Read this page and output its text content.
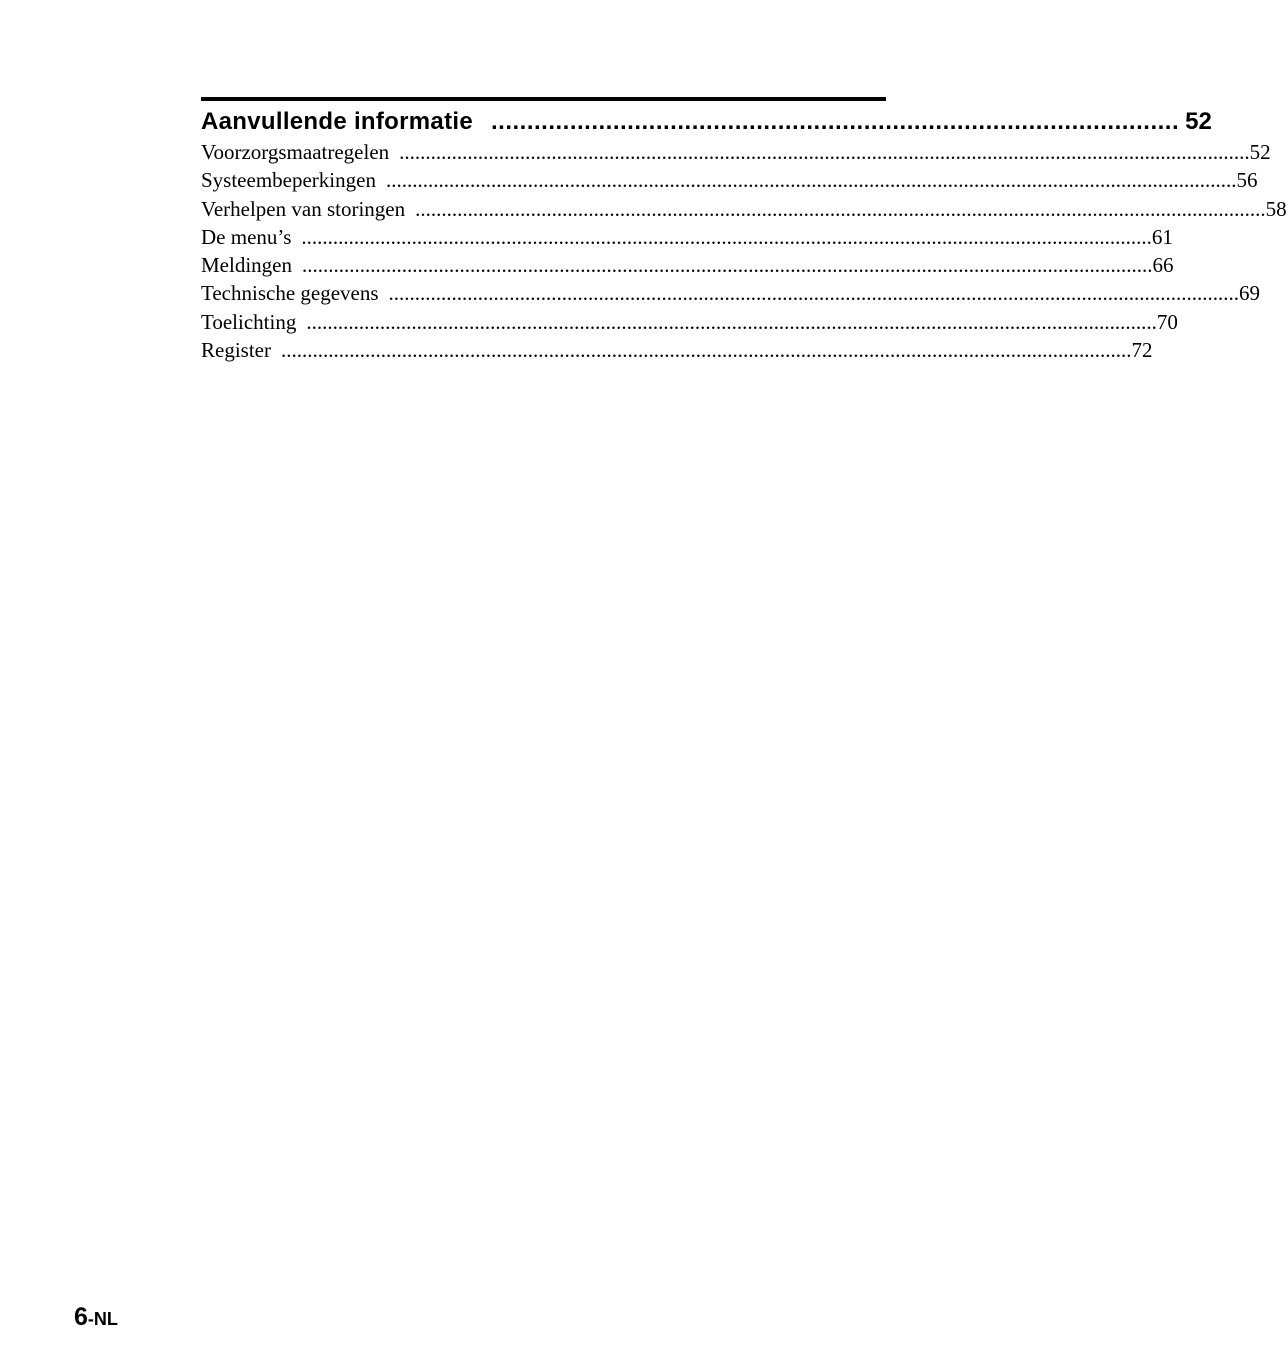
Aanvullende informatie ................................................................................................ 52
Voorzorgsmaatregelen .................................................................................................................................................................. 52
Systeembeperkingen .................................................................................................................................................................. 56
Verhelpen van storingen .................................................................................................................................................................. 58
De menu’s .................................................................................................................................................................. 61
Meldingen .................................................................................................................................................................. 66
Technische gegevens .................................................................................................................................................................. 69
Toelichting .................................................................................................................................................................. 70
Register .................................................................................................................................................................. 72
6-NL
